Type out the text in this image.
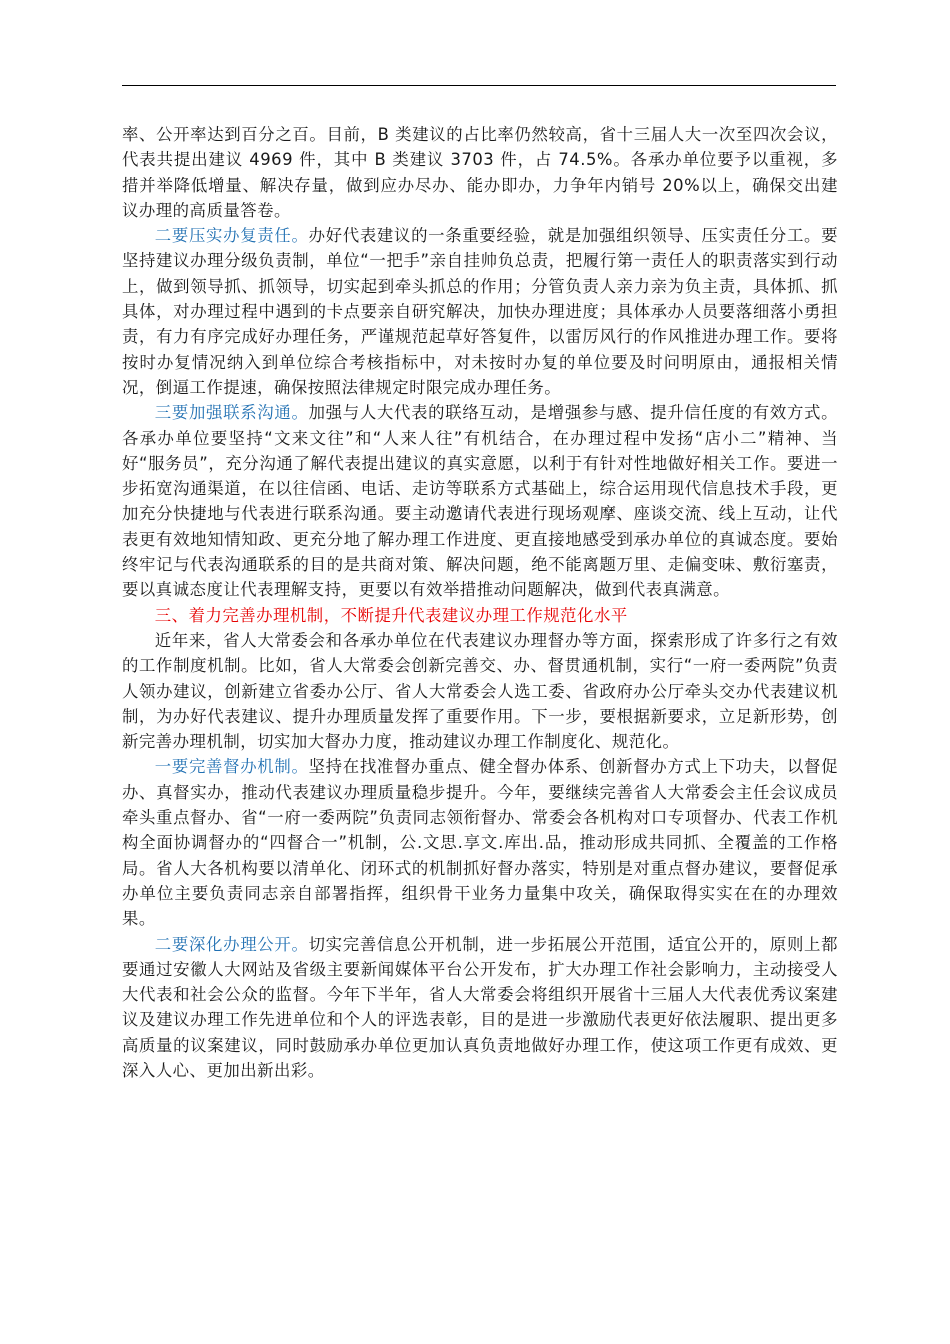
率、公开率达到百分之百。目前，B 类建议的占比率仍然较高，省十三届人大一次至四次会议，代表共提出建议 4969 件，其中 B 类建议 3703 件，占 74.5%。各承办单位要予以重视，多措并举降低增量、解决存量，做到应办尽办、能办即办，力争年内销号 20%以上，确保交出建议办理的高质量答卷。

二要压实办复责任。办好代表建议的一条重要经验，就是加强组织领导、压实责任分工。要坚持建议办理分级负责制，单位“一把手”亲自挂帅负总责，把履行第一责任人的职责落实到行动上，做到领导抓、抓领导，切实起到牵头抓总的作用；分管负责人亲力亲为负主责，具体抓、抓具体，对办理过程中遇到的卡点要亲自研究解决，加快办理进度；具体承办人员要落细落小勇担责，有力有序完成好办理任务，严谨规范起草好答复件，以雷厉风行的作风推进办理工作。要将按时办复情况纳入到单位综合考核指标中，对未按时办复的单位要及时问明原由，通报相关情况，倒逼工作提速，确保按照法律规定时限完成办理任务。

三要加强联系沟通。加强与人大代表的联络互动，是增强参与感、提升信任度的有效方式。各承办单位要坚持“文来文往”和“人来人往”有机结合，在办理过程中发扬“店小二”精神、当好“服务员”，充分沟通了解代表提出建议的真实意愿，以利于有针对性地做好相关工作。要进一步拓宽沟通渠道，在以往信函、电话、走访等联系方式基础上，综合运用现代信息技术手段，更加充分快捷地与代表进行联系沟通。要主动邀请代表进行现场观摩、座谈交流、线上互动，让代表更有效地知情知政、更充分地了解办理工作进度、更直接地感受到承办单位的真诚态度。要始终牢记与代表沟通联系的目的是共商对策、解决问题，绝不能离题万里、走偏变味、敷衍塞责，要以真诚态度让代表理解支持，更要以有效举措推动问题解决，做到代表真满意。

三、着力完善办理机制，不断提升代表建议办理工作规范化水平

近年来，省人大常委会和各承办单位在代表建议办理督办等方面，探索形成了许多行之有效的工作制度机制。比如，省人大常委会创新完善交、办、督贯通机制，实行“一府一委两院”负责人领办建议，创新建立省委办公厅、省人大常委会人选工委、省政府办公厅牵头交办代表建议机制，为办好代表建议、提升办理质量发挥了重要作用。下一步，要根据新要求，立足新形势，创新完善办理机制，切实加大督办力度，推动建议办理工作制度化、规范化。

一要完善督办机制。坚持在找准督办重点、健全督办体系、创新督办方式上下功夫，以督促办、真督实办，推动代表建议办理质量稳步提升。今年，要继续完善省人大常委会主任会议成员牵头重点督办、省“一府一委两院”负责同志领衔督办、常委会各机构对口专项督办、代表工作机构全面协调督办的“四督合一”机制，公.文思.享文.库出.品，推动形成共同抓、全覆盖的工作格局。省人大各机构要以清单化、闭环式的机制抓好督办落实，特别是对重点督办建议，要督促承办单位主要负责同志亲自部署指挥，组织骨干业务力量集中攻关，确保取得实实在在的办理效果。

二要深化办理公开。切实完善信息公开机制，进一步拓展公开范围，适宜公开的，原则上都要通过安徽人大网站及省级主要新闻媒体平台公开发布，扩大办理工作社会影响力，主动接受人大代表和社会公众的监督。今年下半年，省人大常委会将组织开展省十三届人大代表优秀议案建议及建议办理工作先进单位和个人的评选表彰，目的是进一步激励代表更好依法履职、提出更多高质量的议案建议，同时鼓励承办单位更加认真负责地做好办理工作，使这项工作更有成效、更深入人心、更加出新出彩。
